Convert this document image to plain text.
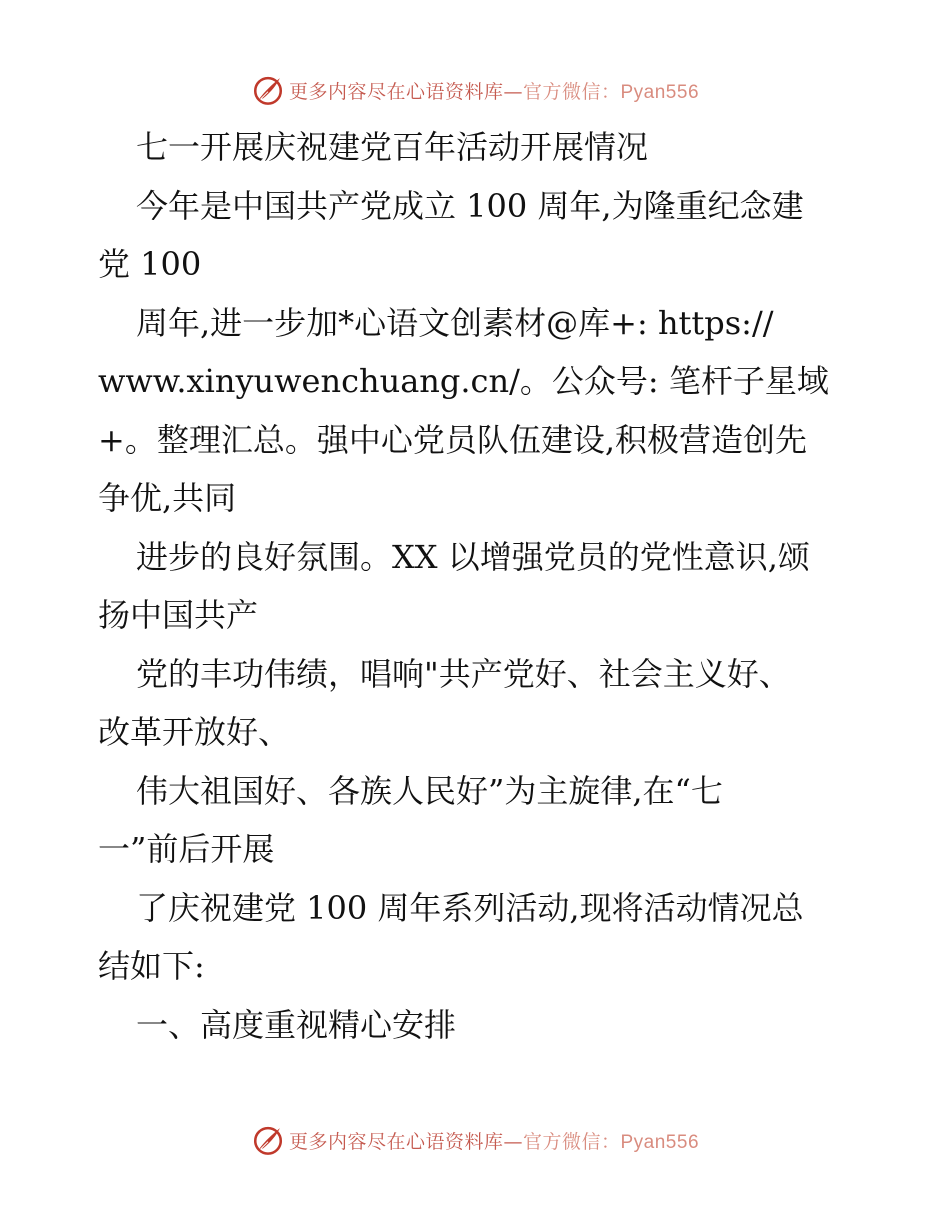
更多内容尽在心语资料库—官方微信：Pyan556
七一开展庆祝建党百年活动开展情况
今年是中国共产党成立 100 周年,为隆重纪念建
党 100
周年,进一步加*心语文创素材@库+: https://
www.xinyuwenchuang.cn/。公众号: 笔杆子星域
+。整理汇总。强中心党员队伍建设,积极营造创先
争优,共同
进步的良好氛围。XX 以增强党员的党性意识,颂
扬中国共产
党的丰功伟绩，唱响"共产党好、社会主义好、
改革开放好、
伟大祖国好、各族人民好”为主旋律,在“七
一”前后开展
了庆祝建党 100 周年系列活动,现将活动情况总
结如下:
一、高度重视精心安排
更多内容尽在心语资料库—官方微信：Pyan556
